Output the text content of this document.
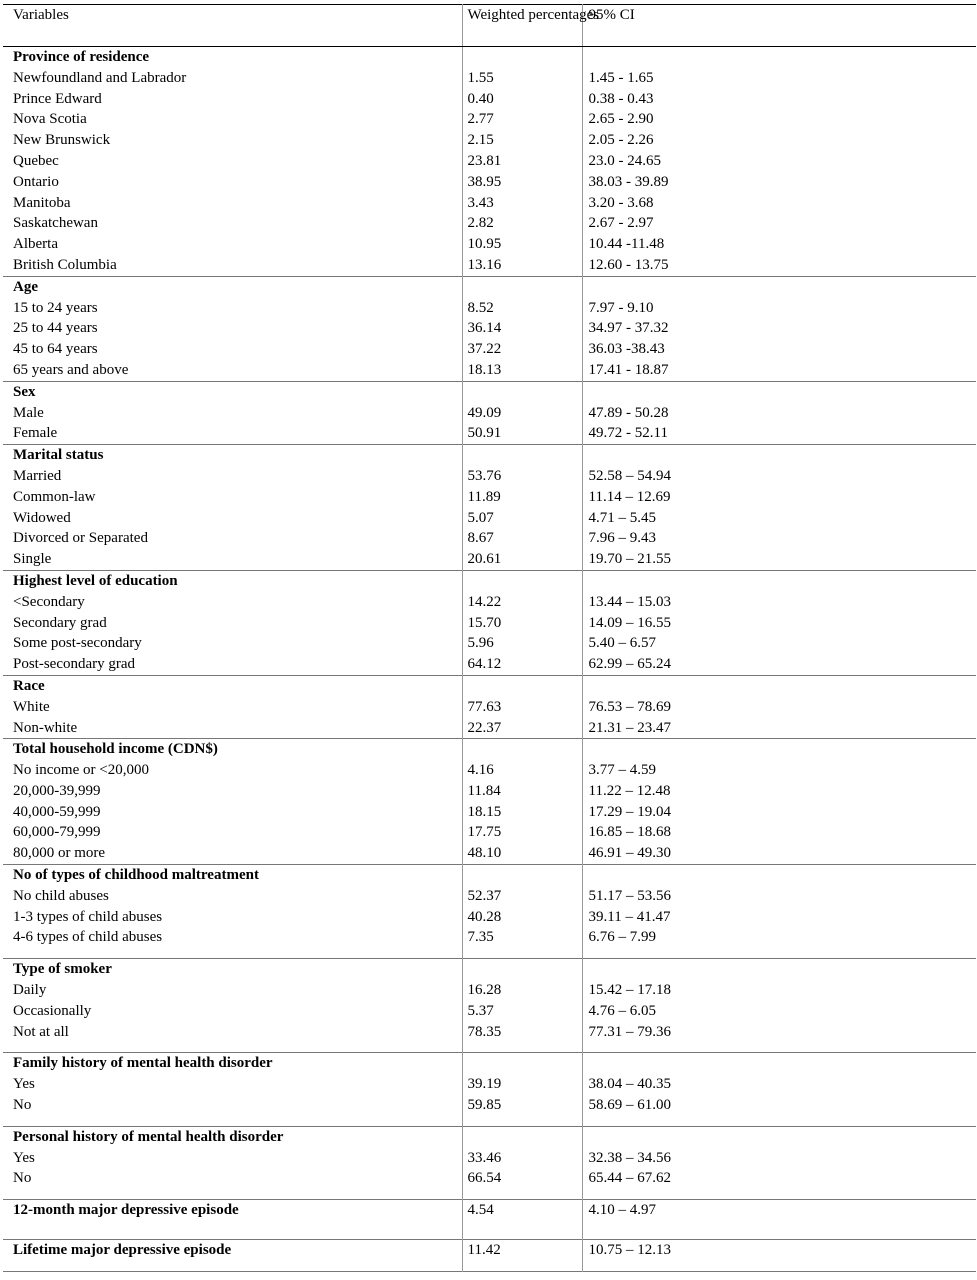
Variables	Weighted percentages	95% CI
Province of residence		
Newfoundland and Labrador	1.55	1.45 - 1.65
Prince Edward	0.40	0.38 - 0.43
Nova Scotia	2.77	2.65 - 2.90
New Brunswick	2.15	2.05 - 2.26
Quebec	23.81	23.0 - 24.65
Ontario	38.95	38.03 - 39.89
Manitoba	3.43	3.20 - 3.68
Saskatchewan	2.82	2.67 - 2.97
Alberta	10.95	10.44 -11.48
British Columbia	13.16	12.60 - 13.75
Age		
15 to 24 years	8.52	7.97 - 9.10
25 to 44 years	36.14	34.97 - 37.32
45 to 64 years	37.22	36.03 -38.43
65 years and above	18.13	17.41 - 18.87
Sex		
Male	49.09	47.89 - 50.28
Female	50.91	49.72 - 52.11
Marital status		
Married	53.76	52.58 – 54.94
Common-law	11.89	11.14 – 12.69
Widowed	5.07	4.71 – 5.45
Divorced or Separated	8.67	7.96 – 9.43
Single	20.61	19.70 – 21.55
Highest level of education		
<Secondary	14.22	13.44 – 15.03
Secondary grad	15.70	14.09 – 16.55
Some post-secondary	5.96	5.40 – 6.57
Post-secondary grad	64.12	62.99 – 65.24
Race		
White	77.63	76.53 – 78.69
Non-white	22.37	21.31 – 23.47
Total household income (CDN$)		
No income or <20,000	4.16	3.77 – 4.59
20,000-39,999	11.84	11.22 – 12.48
40,000-59,999	18.15	17.29 – 19.04
60,000-79,999	17.75	16.85 – 18.68
80,000 or more	48.10	46.91 – 49.30
No of types of childhood maltreatment		
No child abuses	52.37	51.17 – 53.56
1-3 types of child abuses	40.28	39.11 – 41.47
4-6 types of child abuses	7.35	6.76 – 7.99

Type of smoker		
Daily	16.28	15.42 – 17.18
Occasionally	5.37	4.76 – 6.05
Not at all	78.35	77.31 – 79.36

Family history of mental health disorder		
Yes	39.19	38.04 – 40.35
No	59.85	58.69 – 61.00

Personal history of mental health disorder		
Yes	33.46	32.38 – 34.56
No	66.54	65.44 – 67.62

12-month major depressive episode	4.54	4.10 – 4.97

Lifetime major depressive episode	11.42	10.75 – 12.13
